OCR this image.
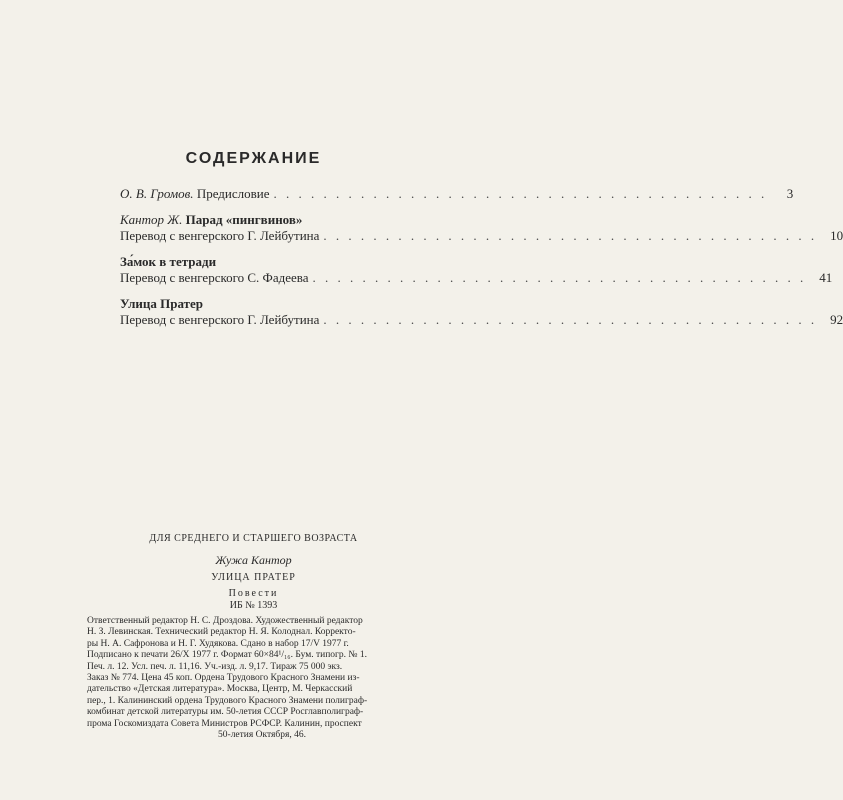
СОДЕРЖАНИЕ
О. В. Громов. Предисловие . . . . . . . . . . . . . . . . . . . . . . . . . . . . . . . . . . . . . . . .	3
Кантор Ж. Парад «пингвинов»
Перевод с венгерского Г. Лейбутина . . . . . . . . . . . . . . . . . . . . . . . . . . . . . . . . . . . . . . . .	10
За́мок в тетради
Перевод с венгерского С. Фадеева . . . . . . . . . . . . . . . . . . . . . . . . . . . . . . . . . . . . . . . .	41
Улица Пратер
Перевод с венгерского Г. Лейбутина . . . . . . . . . . . . . . . . . . . . . . . . . . . . . . . . . . . . . . . .	92
ДЛЯ СРЕДНЕГО И СТАРШЕГО ВОЗРАСТА
Жужа Кантор
УЛИЦА ПРАТЕР
Повести
ИБ № 1393
Ответственный редактор Н. С. Дроздова. Художественный редактор
Н. З. Левинская. Технический редактор Н. Я. Колоднал. Корректо-
ры Н. А. Сафронова и Н. Г. Худякова. Сдано в набор 17/V 1977 г.
Подписано к печати 26/X 1977 г. Формат 60×84¹/₁₆. Бум. типогр. № 1.
Печ. л. 12. Усл. печ. л. 11,16. Уч.-изд. л. 9,17. Тираж 75 000 экз.
Заказ № 774. Цена 45 коп. Ордена Трудового Красного Знамени из-
дательство «Детская литература». Москва, Центр, М. Черкасский
пер., 1. Калининский ордена Трудового Красного Знамени полиграф-
комбинат детской литературы им. 50-летия СССР Росглавполиграф-
прома Госкомиздата Совета Министров РСФСР. Калинин, проспект
50-летия Октября, 46.
